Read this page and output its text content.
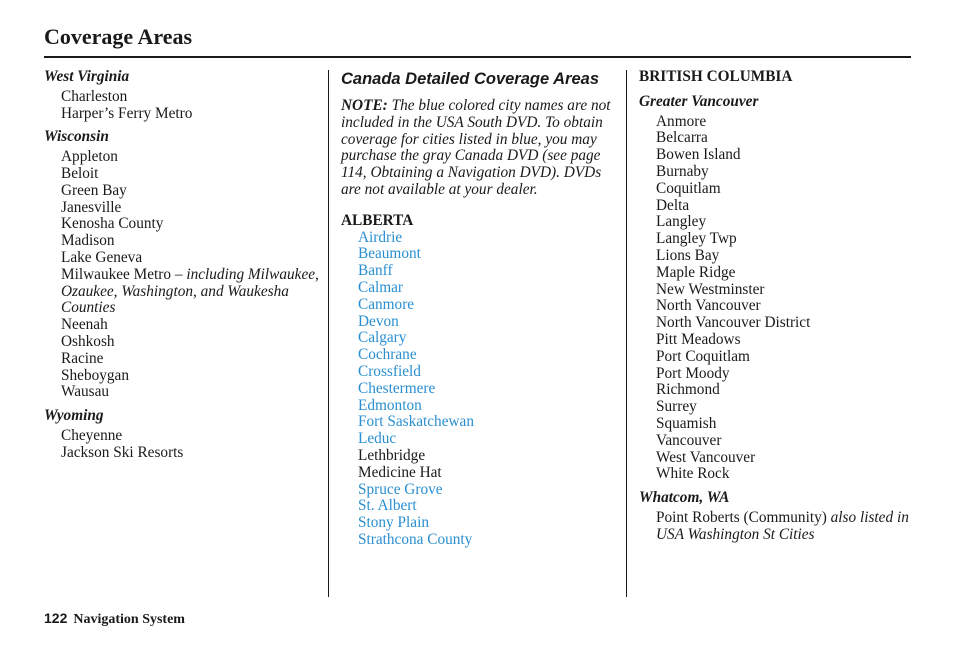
Coverage Areas
West Virginia
Charleston
Harper’s Ferry Metro
Wisconsin
Appleton
Beloit
Green Bay
Janesville
Kenosha County
Madison
Lake Geneva
Milwaukee Metro – including Milwaukee, Ozaukee, Washington, and Waukesha Counties
Neenah
Oshkosh
Racine
Sheboygan
Wausau
Wyoming
Cheyenne
Jackson Ski Resorts
Canada Detailed Coverage Areas
NOTE: The blue colored city names are not included in the USA South DVD. To obtain coverage for cities listed in blue, you may purchase the gray Canada DVD (see page 114, Obtaining a Navigation DVD). DVDs are not available at your dealer.
ALBERTA
Airdrie
Beaumont
Banff
Calmar
Canmore
Devon
Calgary
Cochrane
Crossfield
Chestermere
Edmonton
Fort Saskatchewan
Leduc
Lethbridge
Medicine Hat
Spruce Grove
St. Albert
Stony Plain
Strathcona County
BRITISH COLUMBIA
Greater Vancouver
Anmore
Belcarra
Bowen Island
Burnaby
Coquitlam
Delta
Langley
Langley Twp
Lions Bay
Maple Ridge
New Westminster
North Vancouver
North Vancouver District
Pitt Meadows
Port Coquitlam
Port Moody
Richmond
Surrey
Squamish
Vancouver
West Vancouver
White Rock
Whatcom, WA
Point Roberts (Community) also listed in USA Washington St Cities
122 Navigation System
